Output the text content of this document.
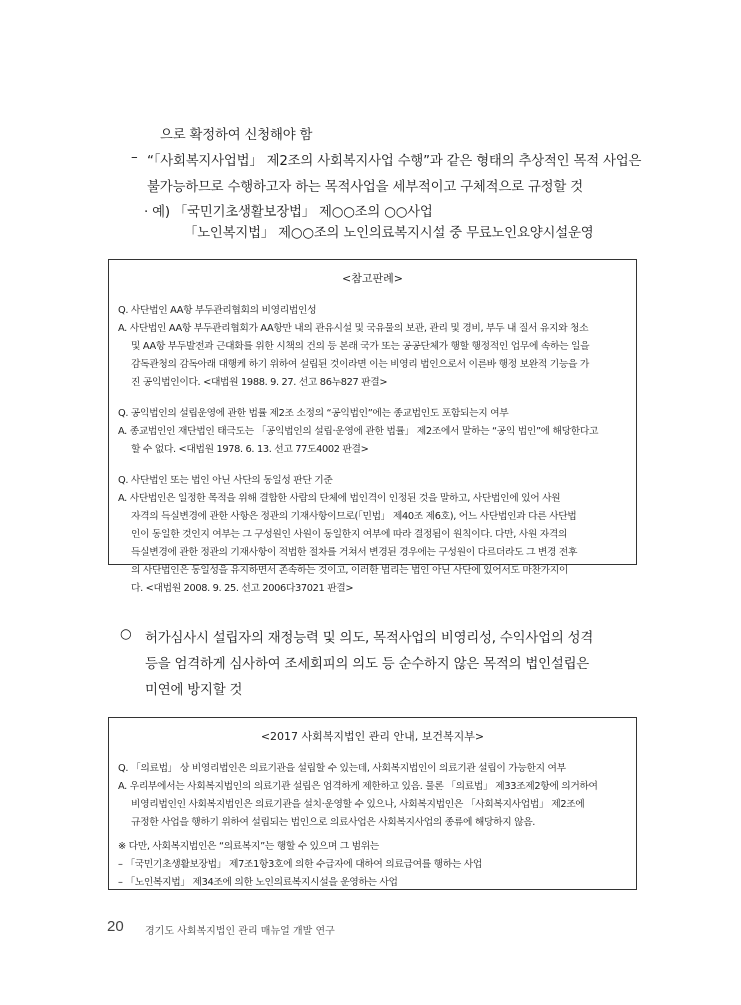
으로 확정하여 신청해야 함
– “「사회복지사업법」 제2조의 사회복지사업 수행”과 같은 형태의 추상적인 목적 사업은
불가능하므로 수행하고자 하는 목적사업을 세부적이고 구체적으로 규정할 것
· 예) 「국민기초생활보장법」 제○○조의 ○○사업
「노인복지법」 제○○조의 노인의료복지시설 중 무료노인요양시설운영
<참고판례>
Q. 사단법인 AA항 부두관리협회의 비영리법인성
A. 사단법인 AA항 부두관리협회가 AA항만 내의 관유시설 및 국유물의 보관, 관리 및 경비, 부두 내 질서 유지와 청소
및 AA항 부두발전과 근대화를 위한 시책의 건의 등 본래 국가 또는 공공단체가 행할 행정적인 업무에 속하는 일을
감독관청의 감독아래 대행케 하기 위하여 설립된 것이라면 이는 비영리 법인으로서 이른바 행정 보완적 기능을 가
진 공익법인이다. <대법원 1988. 9. 27. 선고 86누827 판결>
Q. 공익법인의 설립운영에 관한 법률 제2조 소정의 “공익법인”에는 종교법인도 포함되는지 여부
A. 종교법인인 재단법인 태극도는 「공익법인의 설립·운영에 관한 법률」 제2조에서 말하는 “공익 법인”에 해당한다고
할 수 없다. <대법원 1978. 6. 13. 선고 77도4002 판결>
Q. 사단법인 또는 법인 아닌 사단의 동일성 판단 기준
A. 사단법인은 일정한 목적을 위해 결합한 사람의 단체에 법인격이 인정된 것을 말하고, 사단법인에 있어 사원
자격의 득실변경에 관한 사항은 정관의 기재사항이므로(「민법」 제40조 제6호), 어느 사단법인과 다른 사단법
인이 동일한 것인지 여부는 그 구성원인 사원이 동일한지 여부에 따라 결정됨이 원칙이다. 다만, 사원 자격의
득실변경에 관한 정관의 기재사항이 적법한 절차를 거쳐서 변경된 경우에는 구성원이 다르더라도 그 변경 전후
의 사단법인은 동일성을 유지하면서 존속하는 것이고, 이러한 법리는 법인 아닌 사단에 있어서도 마찬가지이
다. <대법원 2008. 9. 25. 선고 2006다37021 판결>
○ 허가심사시 설립자의 재정능력 및 의도, 목적사업의 비영리성, 수익사업의 성격
등을 엄격하게 심사하여 조세회피의 의도 등 순수하지 않은 목적의 법인설립은
미연에 방지할 것
<2017 사회복지법인 관리 안내, 보건복지부>
Q. 「의료법」 상 비영리법인은 의료기관을 설립할 수 있는데, 사회복지법인이 의료기관 설립이 가능한지 여부
A. 우리부에서는 사회복지법인의 의료기관 설립은 엄격하게 제한하고 있음. 물론 「의료법」 제33조제2항에 의거하여
비영리법인인 사회복지법인은 의료기관을 설치·운영할 수 있으나, 사회복지법인은 「사회복지사업법」 제2조에
규정한 사업을 행하기 위하여 설립되는 법인으로 의료사업은 사회복지사업의 종류에 해당하지 않음.
※ 다만, 사회복지법인은 “의료복지”는 행할 수 있으며 그 범위는
– 「국민기초생활보장법」 제7조1항3호에 의한 수급자에 대하여 의료급여를 행하는 사업
– 「노인복지법」 제34조에 의한 노인의료복지시설을 운영하는 사업
20 경기도 사회복지법인 관리 매뉴얼 개발 연구
